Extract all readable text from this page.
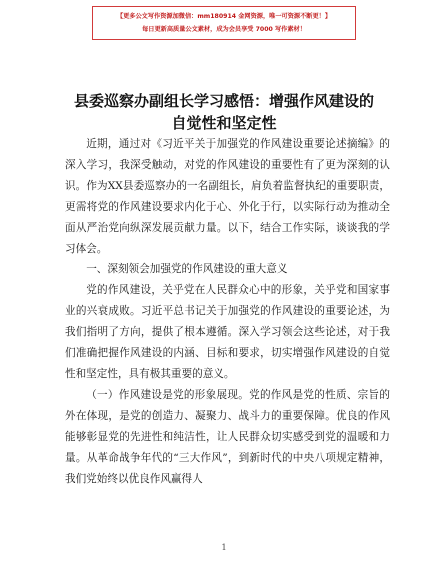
【更多公文写作资源加微信：mm180914 金网资源，唯一可资源不断更！】
每日更新高质量公文素材，成为会员享受 7000 写作素材！
县委巡察办副组长学习感悟：增强作风建设的
自觉性和坚定性

近期，通过对《习近平关于加强党的作风建设重要论述摘编》的深入学习，我深受触动，对党的作风建设的重要性有了更为深刻的认识。作为XX县委巡察办的一名副组长，肩负着监督执纪的重要职责，更需将党的作风建设要求内化于心、外化于行，以实际行动为推动全面从严治党向纵深发展贡献力量。以下，结合工作实际，谈谈我的学习体会。

一、深刻领会加强党的作风建设的重大意义

党的作风建设，关乎党在人民群众心中的形象，关乎党和国家事业的兴衰成败。习近平总书记关于加强党的作风建设的重要论述，为我们指明了方向，提供了根本遵循。深入学习领会这些论述，对于我们准确把握作风建设的内涵、目标和要求，切实增强作风建设的自觉性和坚定性，具有极其重要的意义。

（一）作风建设是党的形象展现。党的作风是党的性质、宗旨的外在体现，是党的创造力、凝聚力、战斗力的重要保障。优良的作风能够彰显党的先进性和纯洁性，让人民群众切实感受到党的温暖和力量。从革命战争年代的“三大作风”，到新时代的中央八项规定精神，我们党始终以优良作风赢得人

1
